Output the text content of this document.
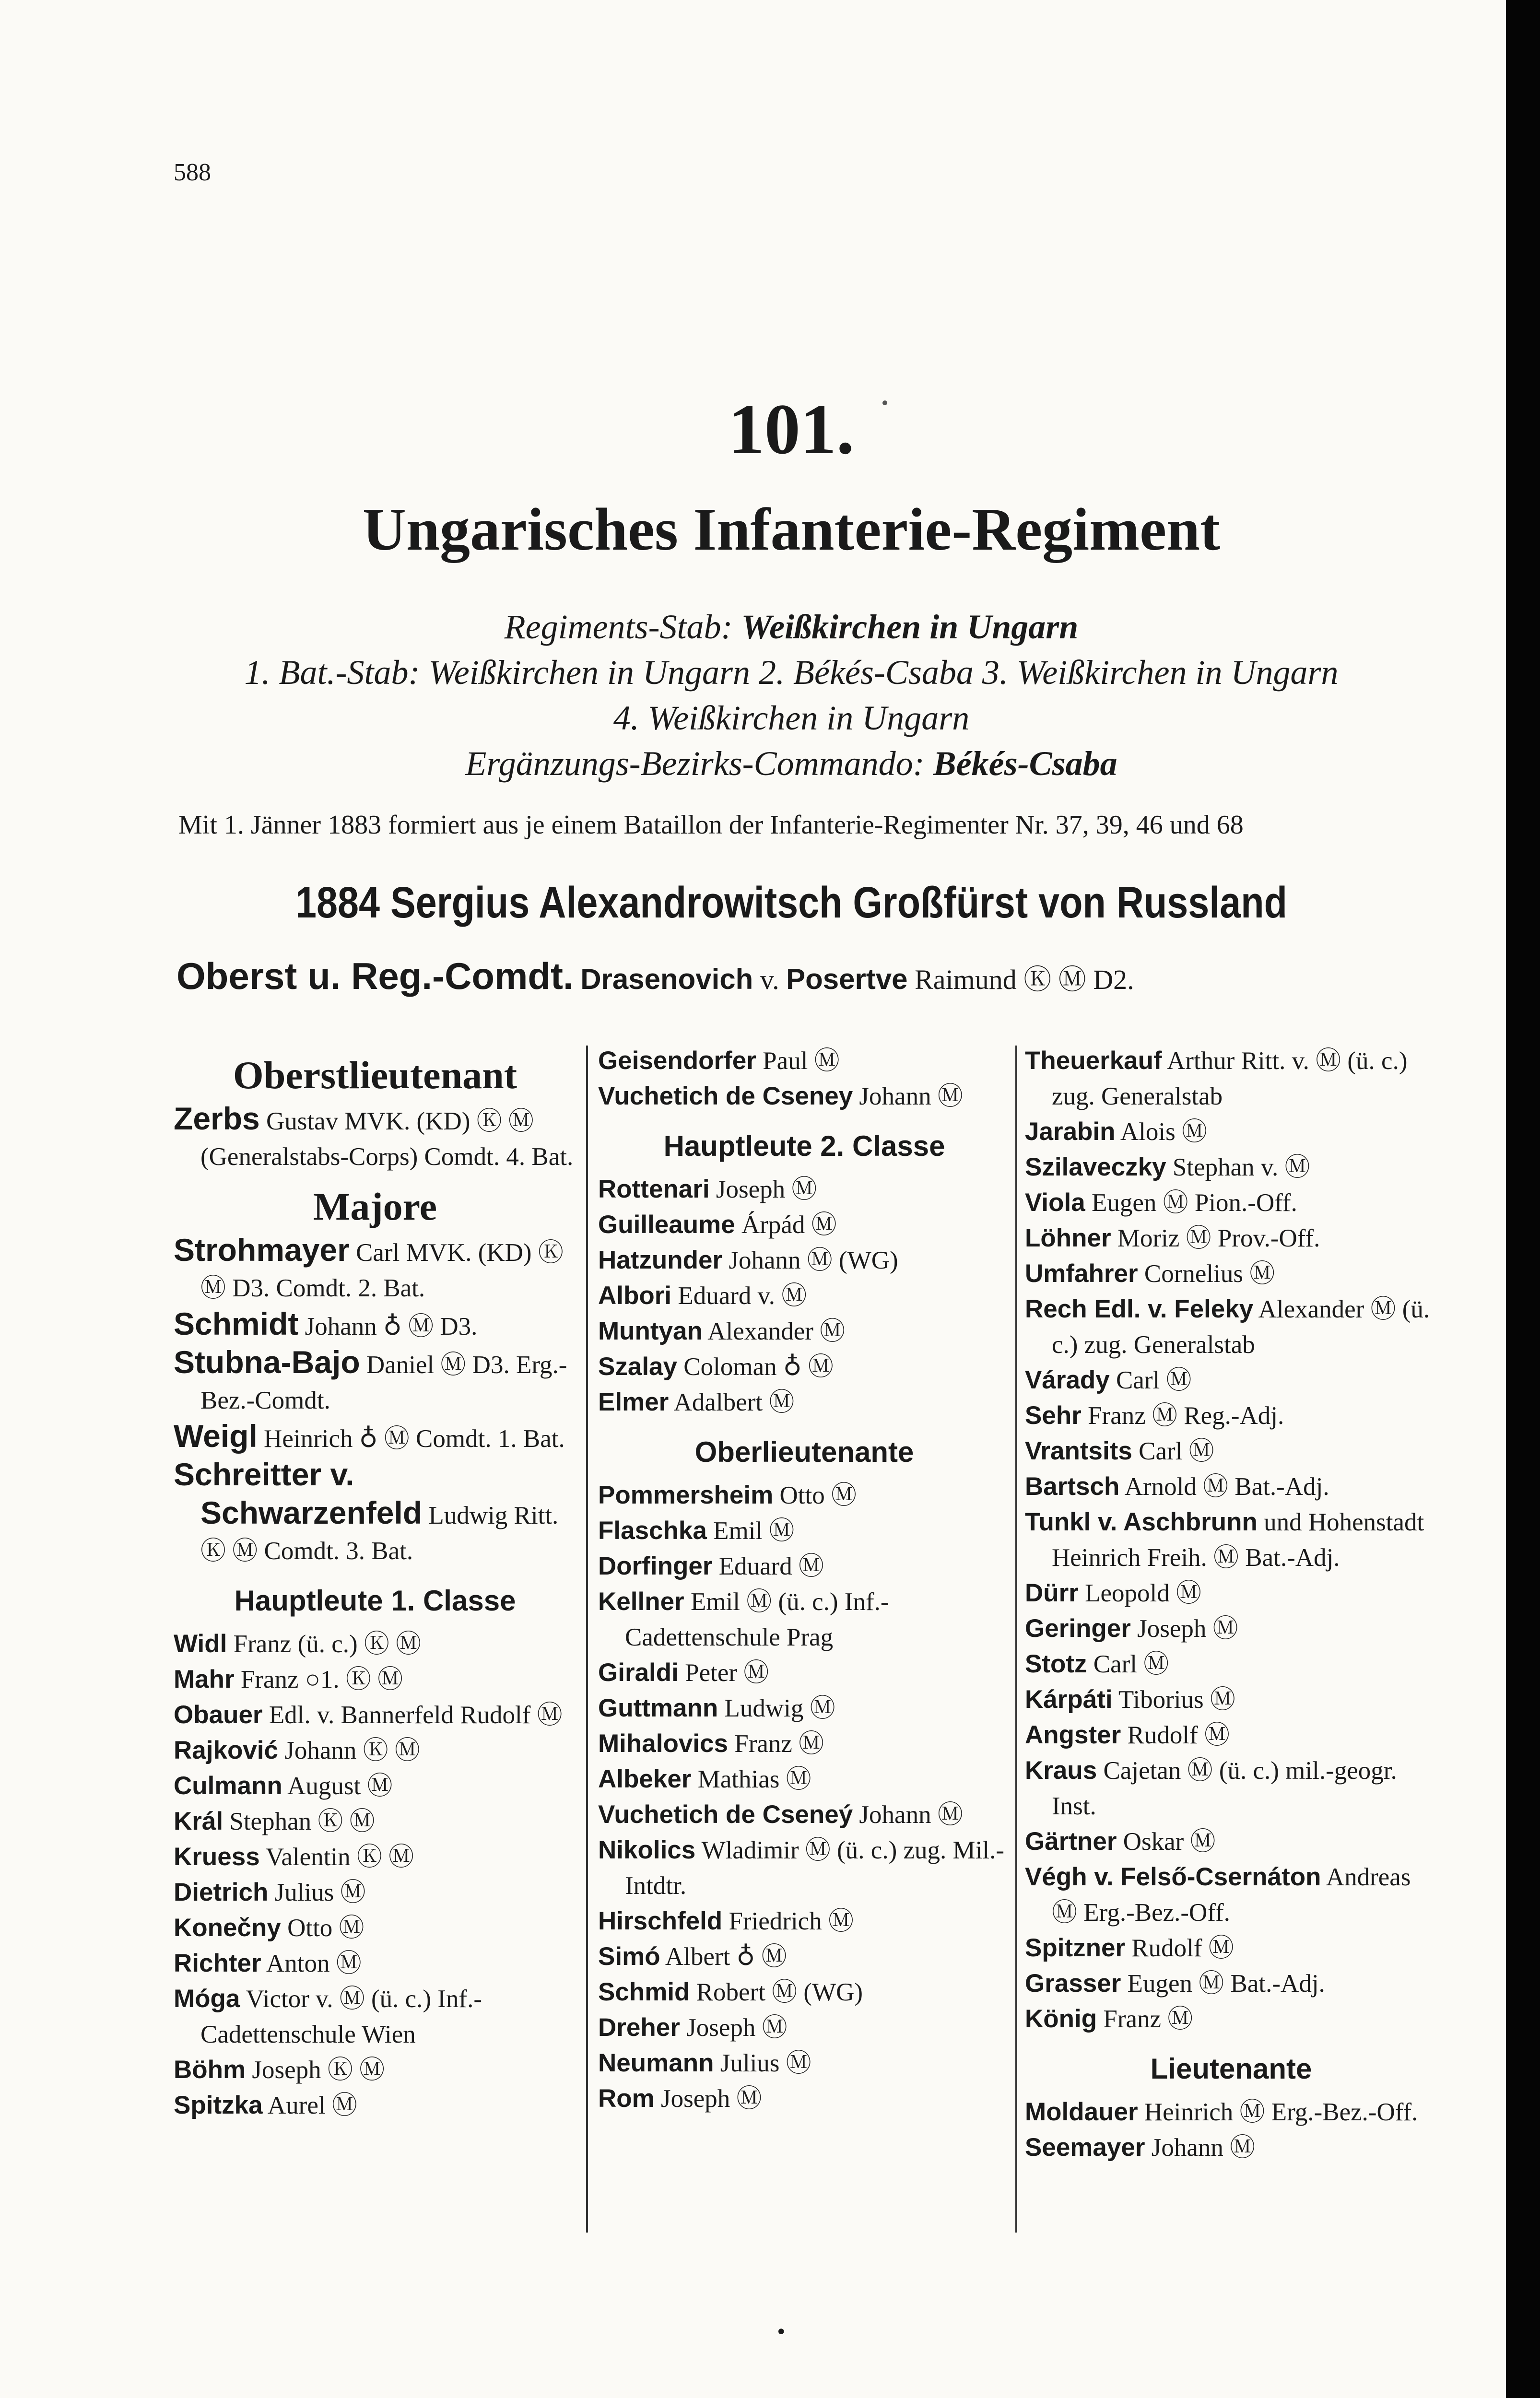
588
101.
Ungarisches Infanterie-Regiment
Regiments-Stab: Weißkirchen in Ungarn
1. Bat.-Stab: Weißkirchen in Ungarn 2. Békés-Csaba 3. Weißkirchen in Ungarn
4. Weißkirchen in Ungarn
Ergänzungs-Bezirks-Commando: Békés-Csaba
Mit 1. Jänner 1883 formiert aus je einem Bataillon der Infanterie-Regimenter Nr. 37, 39, 46 und 68
1884 Sergius Alexandrowitsch Großfürst von Russland
Oberst u. Reg.-Comdt. Drasenovich v. Posertve Raimund Ⓚ Ⓜ D2.
Oberstlieutenant
Zerbs Gustav MVK. (KD) Ⓚ Ⓜ (Generalstabs-Corps) Comdt. 4. Bat.
Majore
Strohmayer Carl MVK. (KD) Ⓚ Ⓜ D3. Comdt. 2. Bat.
Schmidt Johann ♁ Ⓜ D3.
Stubna-Bajo Daniel Ⓜ D3. Erg.-Bez.-Comdt.
Weigl Heinrich ♁ Ⓜ Comdt. 1. Bat.
Schreitter v. Schwarzenfeld Ludwig Ritt. Ⓚ Ⓜ Comdt. 3. Bat.
Hauptleute 1. Classe
Widl Franz (ü. c.) Ⓚ Ⓜ
Mahr Franz ○1. Ⓚ Ⓜ
Obauer Edl. v. Bannerfeld Rudolf Ⓜ
Rajković Johann Ⓚ Ⓜ
Culmann August Ⓜ
Král Stephan Ⓚ Ⓜ
Kruess Valentin Ⓚ Ⓜ
Dietrich Julius Ⓜ
Konečny Otto Ⓜ
Richter Anton Ⓜ
Móga Victor v. Ⓜ (ü. c.) Inf.-Cadettenschule Wien
Böhm Joseph Ⓚ Ⓜ
Spitzka Aurel Ⓜ
Geisendorfer Paul Ⓜ
Vuchetich de Cseney Johann Ⓜ
Hauptleute 2. Classe
Rottenari Joseph Ⓜ
Guilleaume Árpád Ⓜ
Hatzunder Johann Ⓜ (WG)
Albori Eduard v. Ⓜ
Muntyan Alexander Ⓜ
Szalay Coloman ♁ Ⓜ
Elmer Adalbert Ⓜ
Oberlieutenante
Pommersheim Otto Ⓜ
Flaschka Emil Ⓜ
Dorfinger Eduard Ⓜ
Kellner Emil Ⓜ (ü. c.) Inf.-Cadettenschule Prag
Giraldi Peter Ⓜ
Guttmann Ludwig Ⓜ
Mihalovics Franz Ⓜ
Albeker Mathias Ⓜ
Vuchetich de Cseneý Johann Ⓜ
Nikolics Wladimir Ⓜ (ü. c.) zug. Mil.-Intdtr.
Hirschfeld Friedrich Ⓜ
Simó Albert ♁ Ⓜ
Schmid Robert Ⓜ (WG)
Dreher Joseph Ⓜ
Neumann Julius Ⓜ
Rom Joseph Ⓜ
Theuerkauf Arthur Ritt. v. Ⓜ (ü. c.) zug. Generalstab
Jarabin Alois Ⓜ
Szilaveczky Stephan v. Ⓜ
Viola Eugen Ⓜ Pion.-Off.
Löhner Moriz Ⓜ Prov.-Off.
Umfahrer Cornelius Ⓜ
Rech Edl. v. Feleky Alexander Ⓜ (ü. c.) zug. Generalstab
Várady Carl Ⓜ
Sehr Franz Ⓜ Reg.-Adj.
Vrantsits Carl Ⓜ
Bartsch Arnold Ⓜ Bat.-Adj.
Tunkl v. Aschbrunn und Hohenstadt Heinrich Freih. Ⓜ Bat.-Adj.
Dürr Leopold Ⓜ
Geringer Joseph Ⓜ
Stotz Carl Ⓜ
Kárpáti Tiborius Ⓜ
Angster Rudolf Ⓜ
Kraus Cajetan Ⓜ (ü. c.) mil.-geogr. Inst.
Gärtner Oskar Ⓜ
Végh v. Felső-Csernáton Andreas Ⓜ Erg.-Bez.-Off.
Spitzner Rudolf Ⓜ
Grasser Eugen Ⓜ Bat.-Adj.
König Franz Ⓜ
Lieutenante
Moldauer Heinrich Ⓜ Erg.-Bez.-Off.
Seemayer Johann Ⓜ
•
